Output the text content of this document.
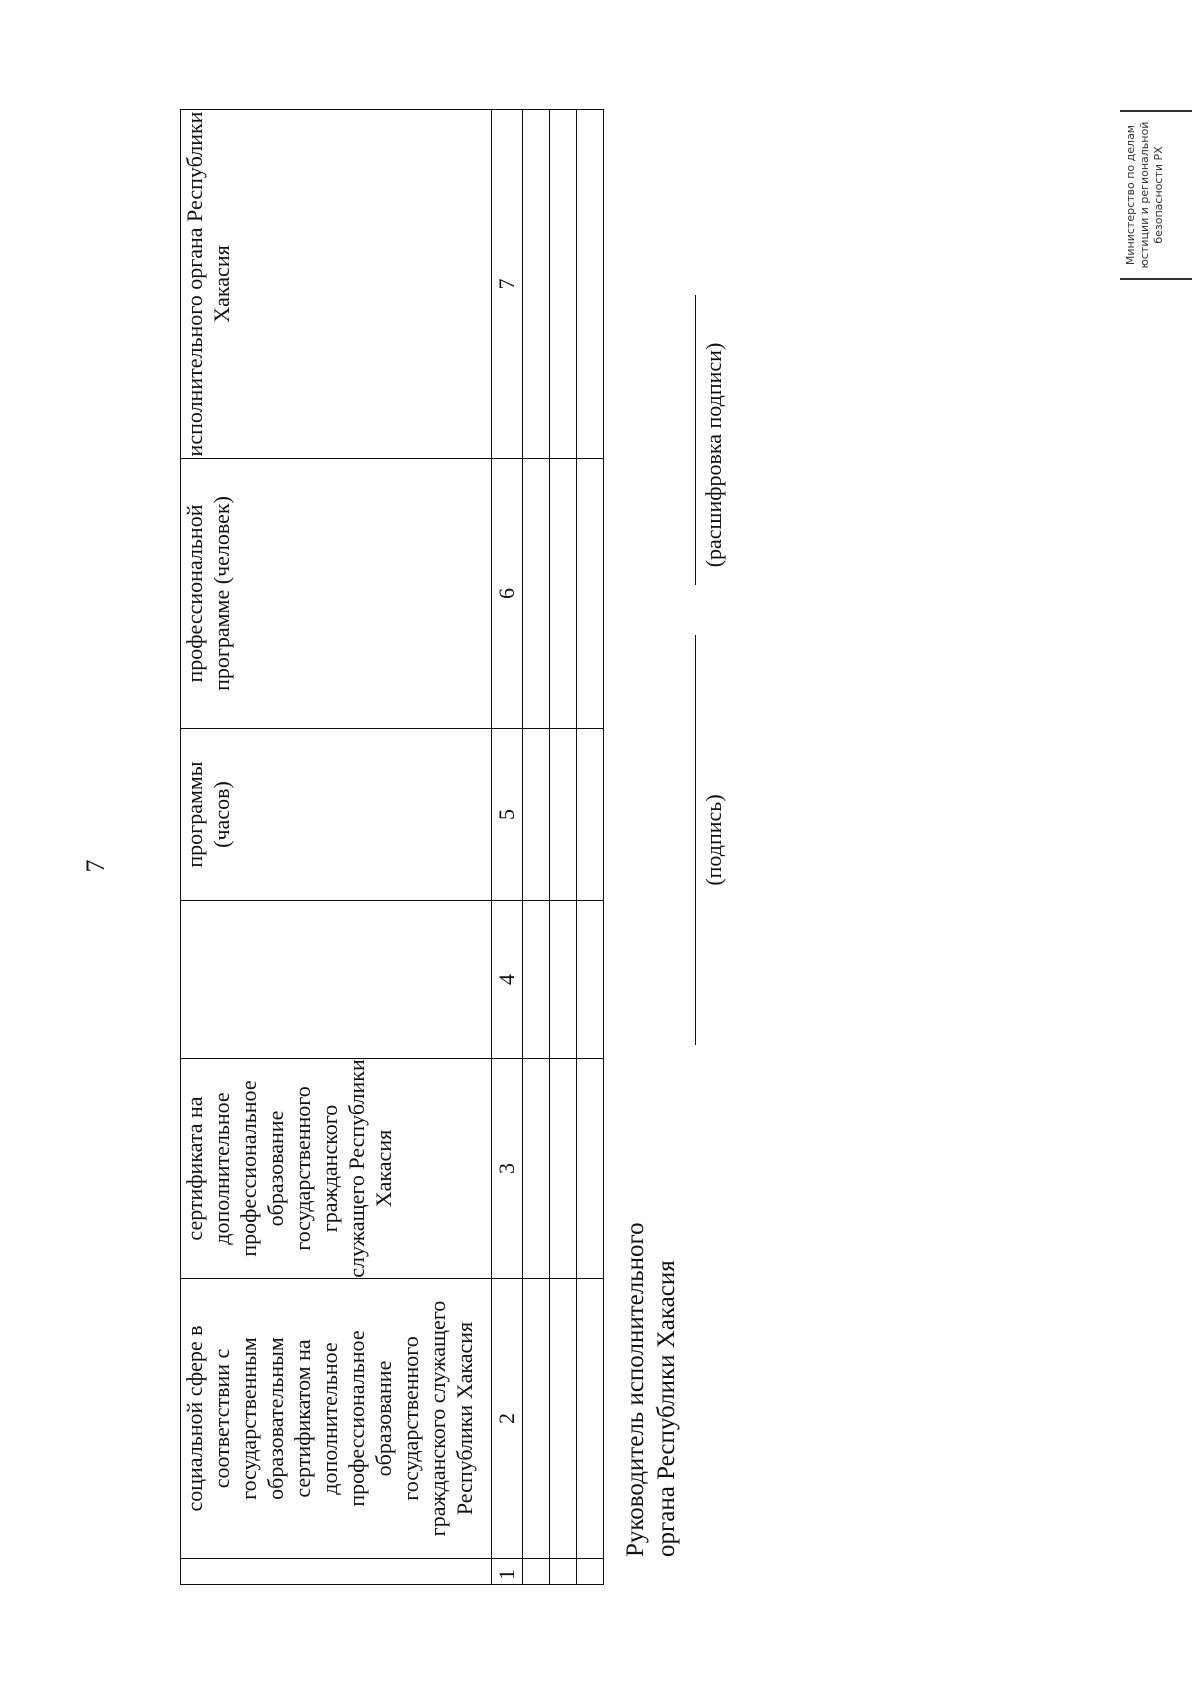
7
	социальной сфере в соответствии с государственным образовательным сертификатом на дополнительное профессиональное образование государственного гражданского служащего Республики Хакасия	сертификата на дополнительное профессиональное образование государственного гражданского служащего Республики Хакасия		программы (часов)	профессиональной программе (человек)	исполнительного органа Республики Хакасия
1	2	3	4	5	6	7

Руководитель исполнительного органа Республики Хакасия
(подпись)
(расшифровка подписи)
Министерство по делам юстиции и региональной безопасности РХ
